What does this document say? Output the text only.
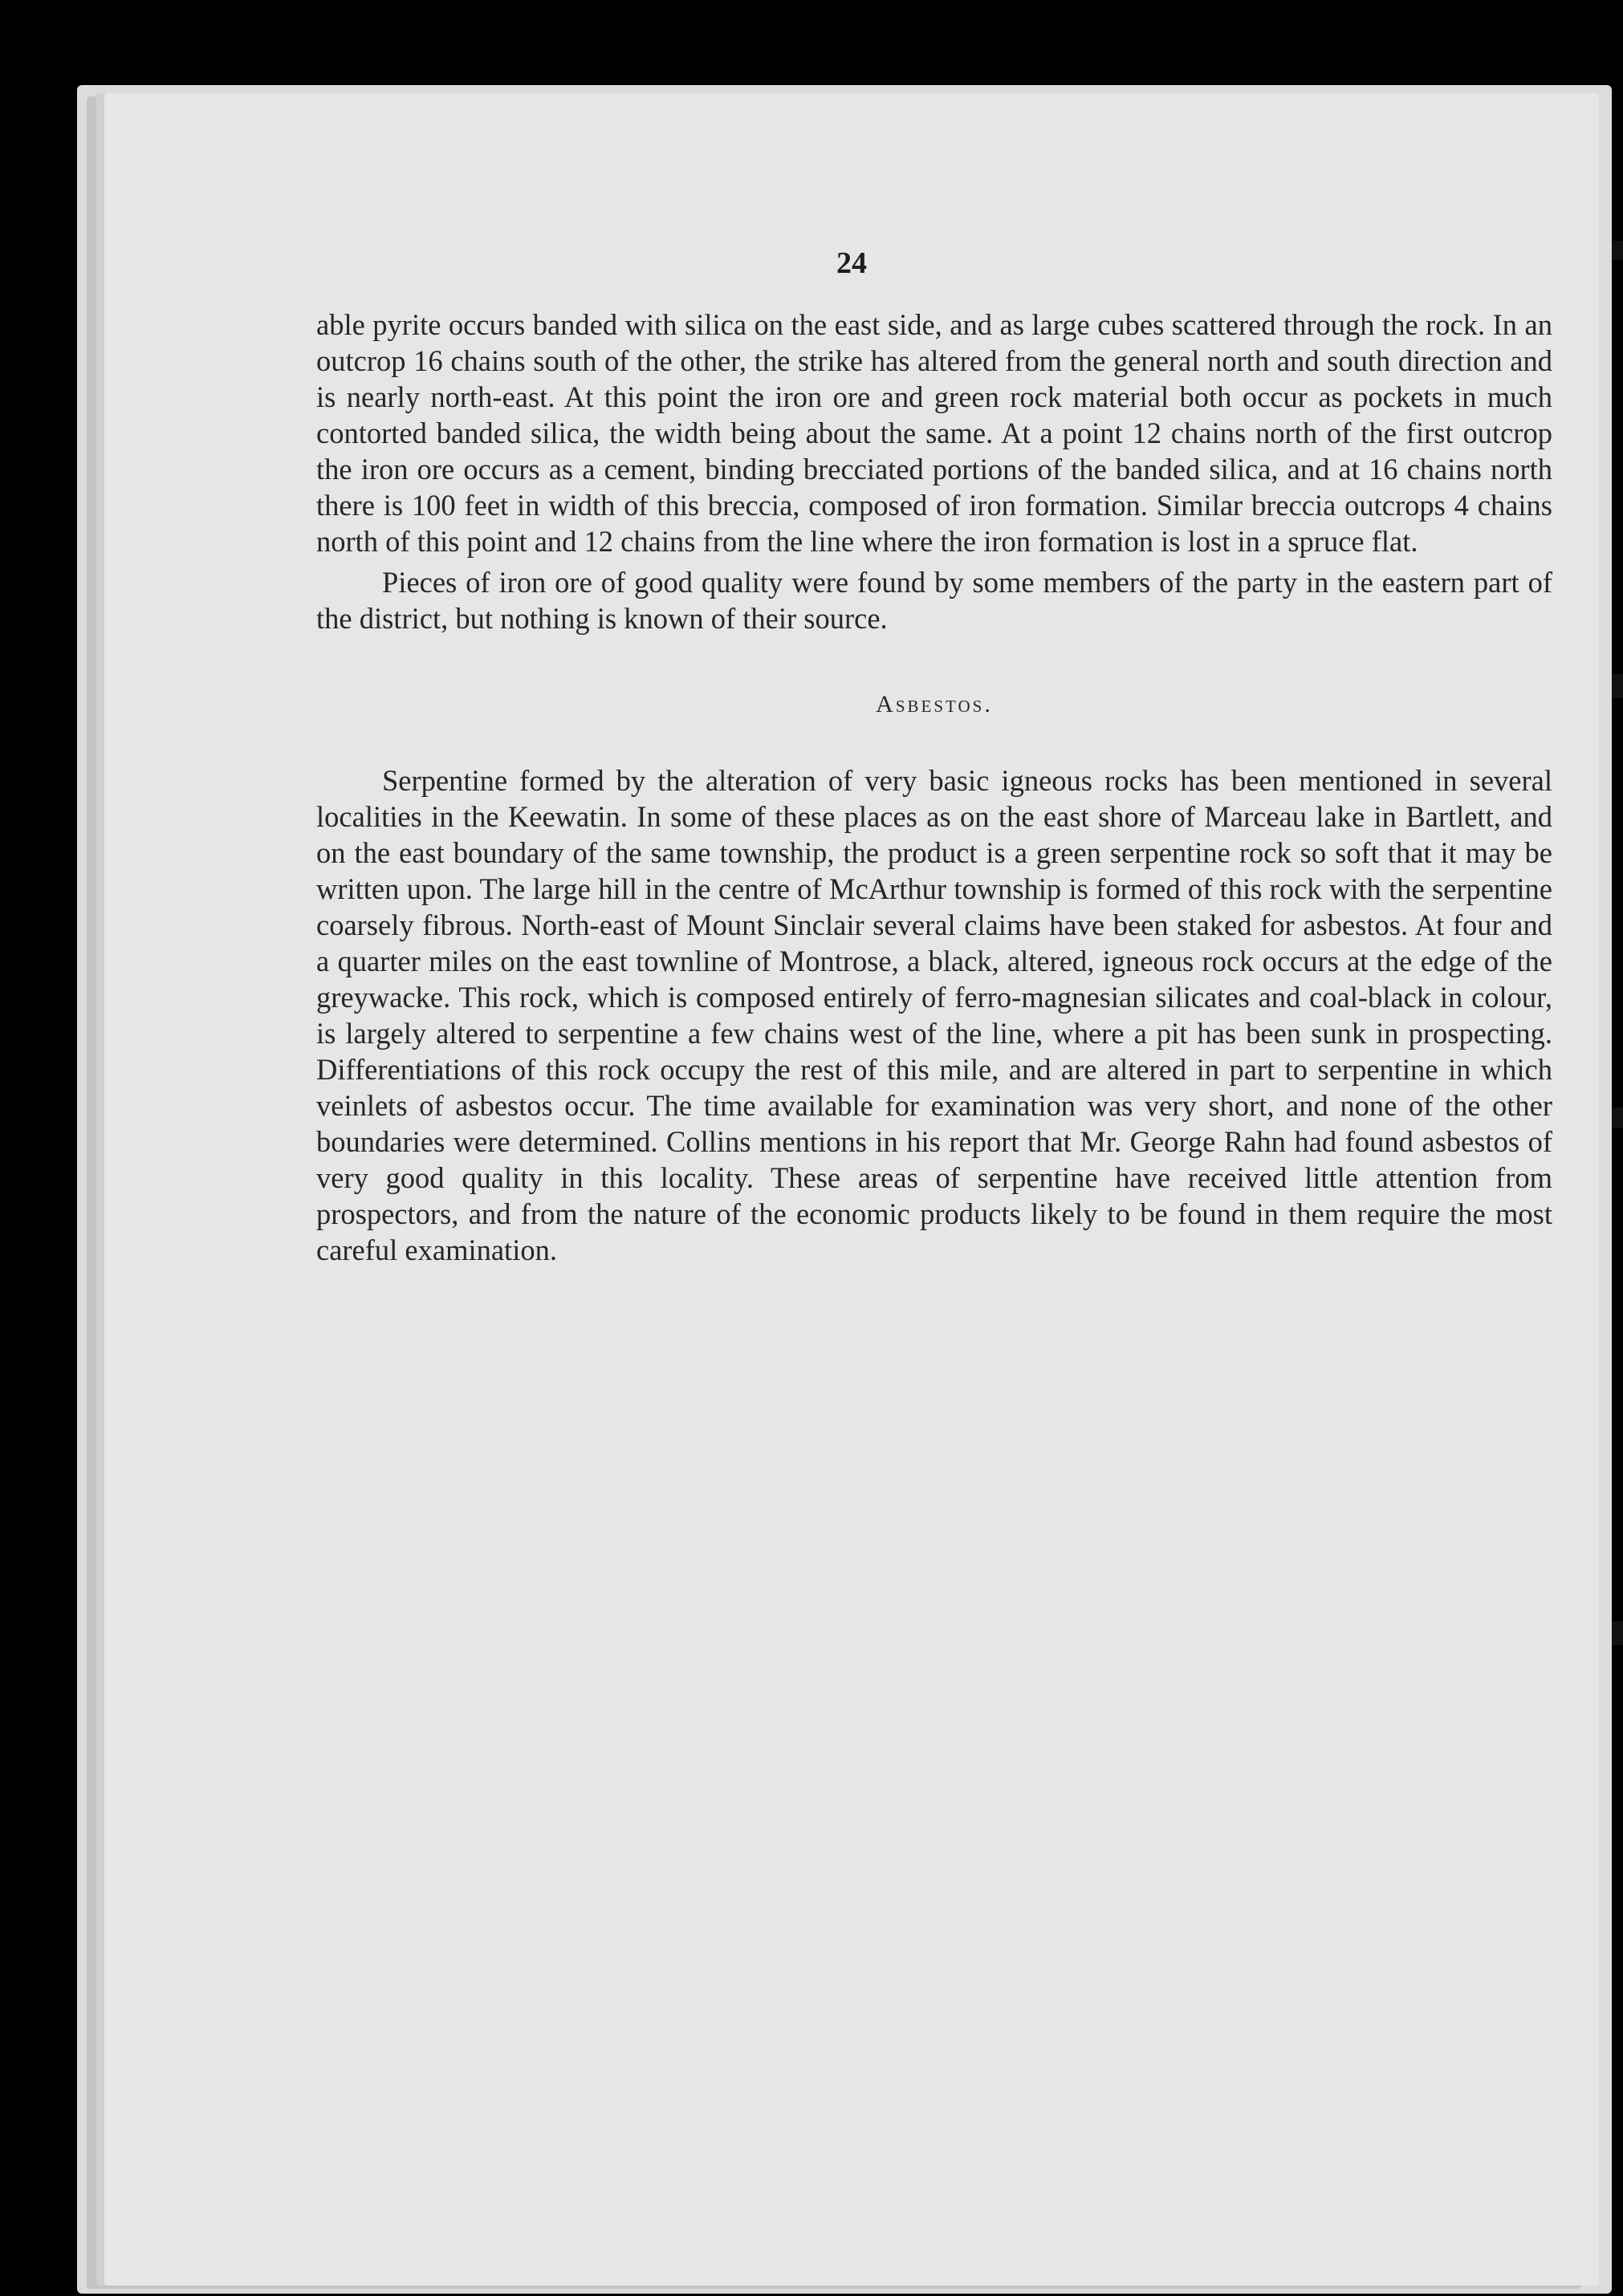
24

able pyrite occurs banded with silica on the east side, and as large cubes scattered through the rock. In an outcrop 16 chains south of the other, the strike has altered from the general north and south direction and is nearly north-east. At this point the iron ore and green rock material both occur as pockets in much contorted banded silica, the width being about the same. At a point 12 chains north of the first outcrop the iron ore occurs as a cement, binding brecciated portions of the banded silica, and at 16 chains north there is 100 feet in width of this breccia, composed of iron formation. Similar breccia outcrops 4 chains north of this point and 12 chains from the line where the iron formation is lost in a spruce flat.

Pieces of iron ore of good quality were found by some members of the party in the eastern part of the district, but nothing is known of their source.

Asbestos.

Serpentine formed by the alteration of very basic igneous rocks has been mentioned in several localities in the Keewatin. In some of these places as on the east shore of Marceau lake in Bartlett, and on the east boundary of the same township, the product is a green serpentine rock so soft that it may be written upon. The large hill in the centre of McArthur township is formed of this rock with the serpentine coarsely fibrous. North-east of Mount Sinclair several claims have been staked for asbestos. At four and a quarter miles on the east townline of Montrose, a black, altered, igneous rock occurs at the edge of the greywacke. This rock, which is composed entirely of ferro-magnesian silicates and coal-black in colour, is largely altered to serpentine a few chains west of the line, where a pit has been sunk in prospecting. Differentiations of this rock occupy the rest of this mile, and are altered in part to serpentine in which veinlets of asbestos occur. The time available for examination was very short, and none of the other boundaries were determined. Collins mentions in his report that Mr. George Rahn had found asbestos of very good quality in this locality. These areas of serpentine have received little attention from prospectors, and from the nature of the economic products likely to be found in them require the most careful examination.
